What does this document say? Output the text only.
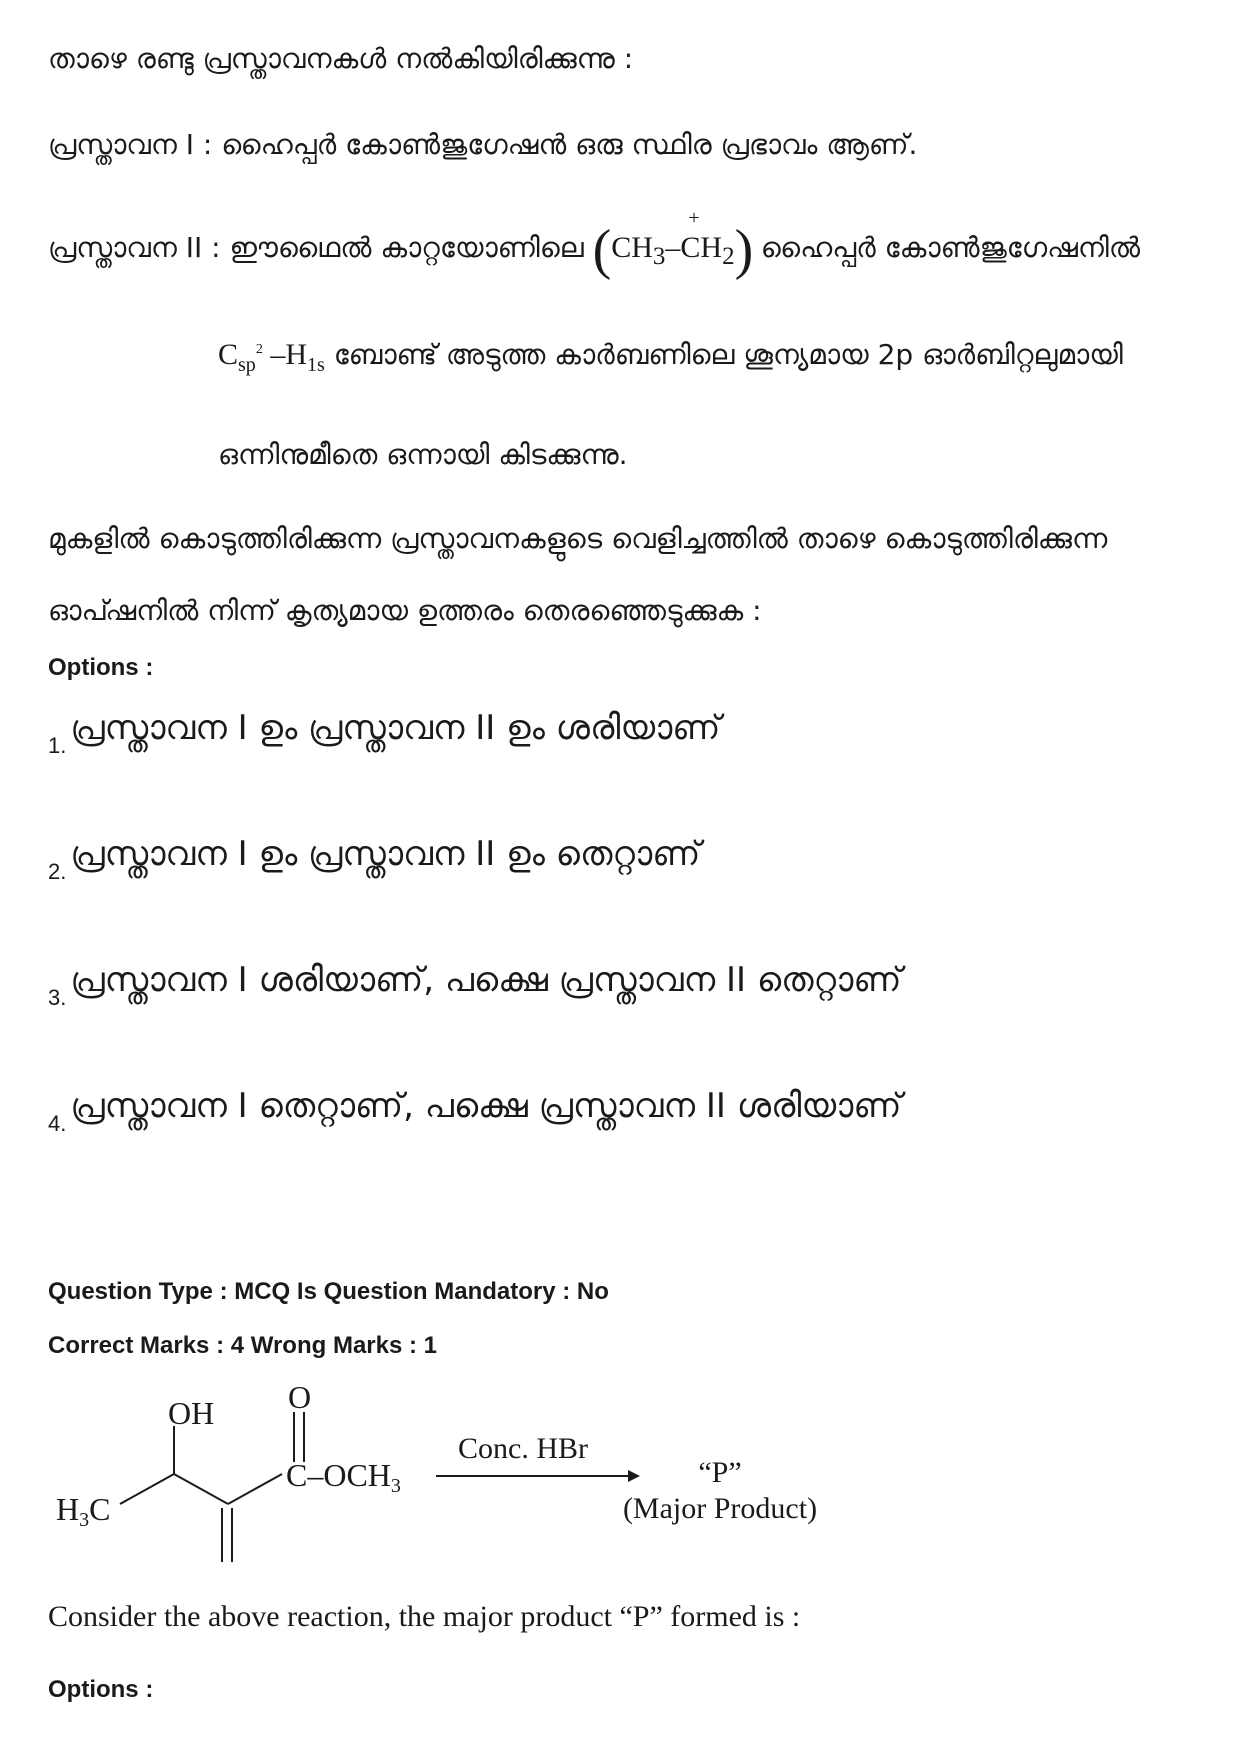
താഴെ രണ്ടു പ്രസ്താവനകൾ നൽകിയിരിക്കുന്നു :
പ്രസ്താവന I : ഹൈപ്പർ കോൺജുഗേഷൻ ഒരു സ്ഥിര പ്രഭാവം ആണ്.
പ്രസ്താവന II : ഈഥൈൽ കാറ്റയോണിലെ ($CH_3-$
+
$CH_2$) ഹൈപ്പർ കോൺജുഗേഷനിൽ
$C_{sp}^2$ $-H_{1s}$ ബോണ്ട് അടുത്ത കാർബണിലെ ശൂന്യമായ 2p ഓർബിറ്റലുമായി
ഒന്നിനുമീതെ ഒന്നായി കിടക്കുന്നു.
മുകളിൽ കൊടുത്തിരിക്കുന്ന പ്രസ്താവനകളുടെ വെളിച്ചത്തിൽ താഴെ കൊടുത്തിരിക്കുന്ന
ഓപ്ഷനിൽ നിന്ന് കൃത്യമായ ഉത്തരം തെരഞ്ഞെടുക്കുക :
Options :
1. പ്രസ്താവന I ഉം പ്രസ്താവന II ഉം ശരിയാണ്
2. പ്രസ്താവന I ഉം പ്രസ്താവന II ഉം തെറ്റാണ്
3. പ്രസ്താവന I ശരിയാണ്, പക്ഷെ പ്രസ്താവന II തെറ്റാണ്
4. പ്രസ്താവന I തെറ്റാണ്, പക്ഷെ പ്രസ്താവന II ശരിയാണ്
Question Type : MCQ Is Question Mandatory : No
Correct Marks : 4 Wrong Marks : 1
OH O
H3C
C–OCH3
Conc. HBr
“P”
(Major Product)
Consider the above reaction, the major product “P” formed is :
Options :
